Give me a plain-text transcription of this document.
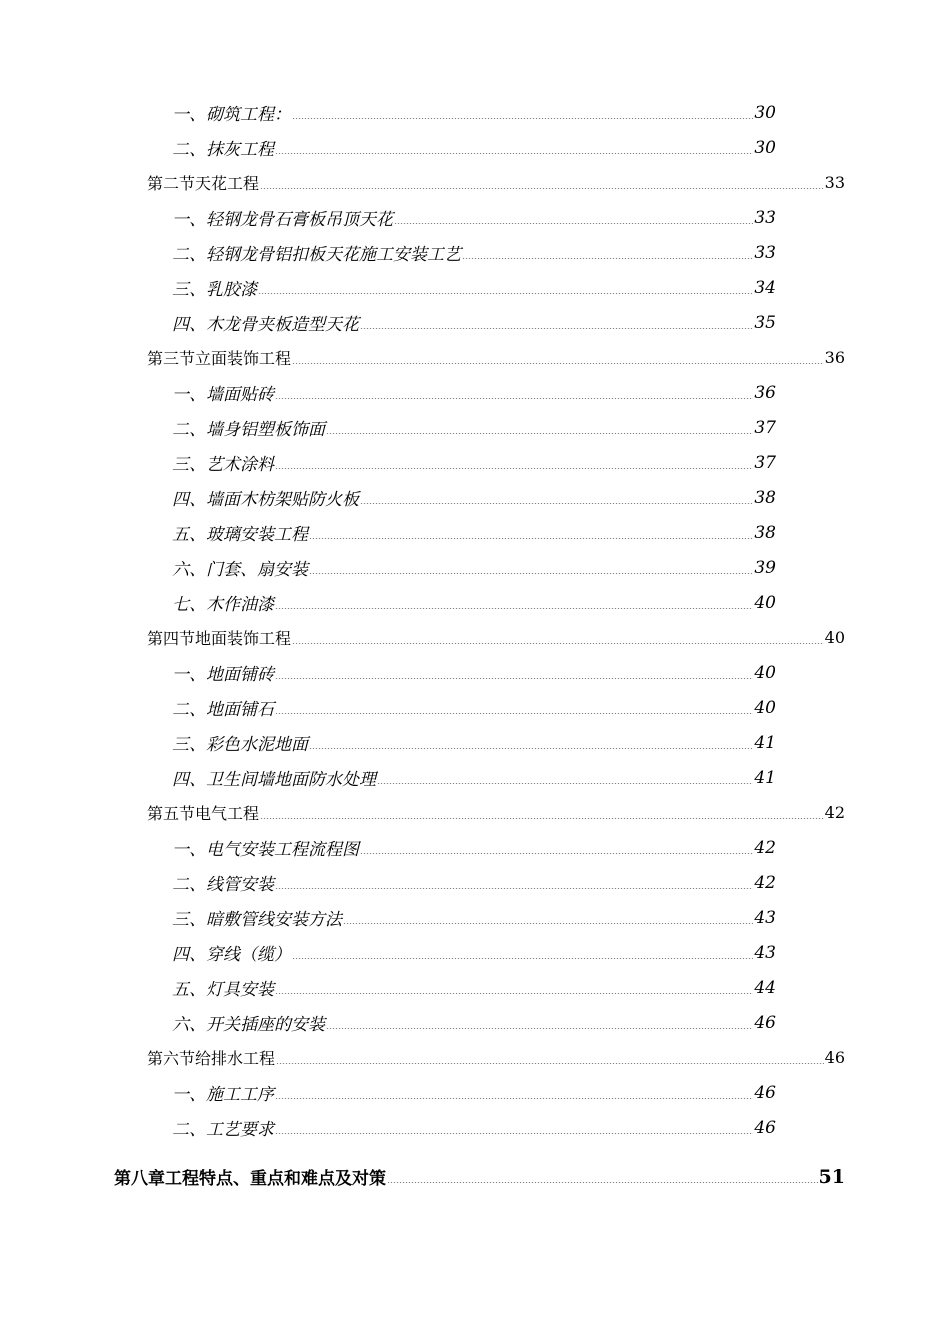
一、砌筑工程：	30
二、抹灰工程	30
第二节天花工程	33
一、轻钢龙骨石膏板吊顶天花	33
二、轻钢龙骨铝扣板天花施工安装工艺	33
三、乳胶漆	34
四、木龙骨夹板造型天花	35
第三节立面装饰工程	36
一、墙面贴砖	36
二、墙身铝塑板饰面	37
三、艺术涂料	37
四、墙面木枋架贴防火板	38
五、玻璃安装工程	38
六、门套、扇安装	39
七、木作油漆	40
第四节地面装饰工程	40
一、地面铺砖	40
二、地面铺石	40
三、彩色水泥地面	41
四、卫生间墙地面防水处理	41
第五节电气工程	42
一、电气安装工程流程图	42
二、线管安装	42
三、暗敷管线安装方法	43
四、穿线（缆）	43
五、灯具安装	44
六、开关插座的安装	46
第六节给排水工程	46
一、施工工序	46
二、工艺要求	46
第八章工程特点、重点和难点及对策	51
